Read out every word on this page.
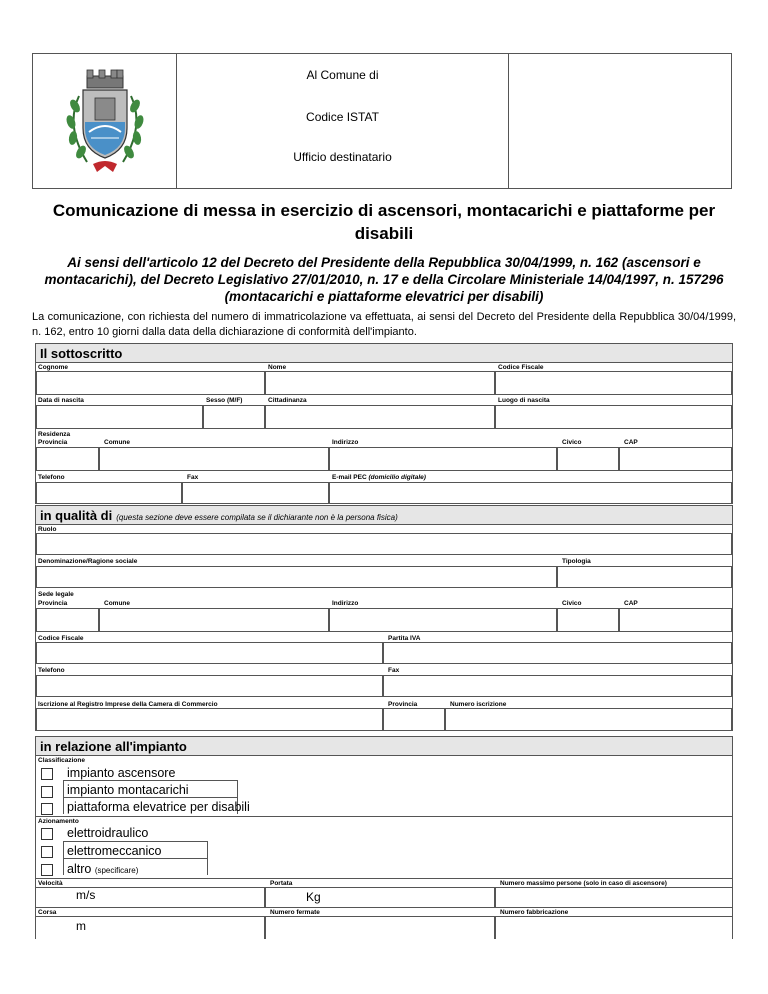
Al Comune di
Codice ISTAT
Ufficio destinatario
Comunicazione di messa in esercizio di ascensori, montacarichi e piattaforme per disabili
Ai sensi dell'articolo 12 del Decreto del Presidente della Repubblica 30/04/1999, n. 162 (ascensori e montacarichi), del Decreto Legislativo 27/01/2010, n. 17 e della Circolare Ministeriale 14/04/1997, n. 157296 (montacarichi e piattaforme elevatrici per disabili)
La comunicazione, con richiesta del numero di immatricolazione va effettuata, ai sensi del Decreto del Presidente della Repubblica 30/04/1999, n. 162, entro 10 giorni dalla data della dichiarazione di conformità dell'impianto.
Il sottoscritto
Cognome	Nome	Codice Fiscale
Data di nascita	Sesso (M/F)	Cittadinanza	Luogo di nascita
Residenza
Provincia	Comune	Indirizzo	Civico	CAP
Telefono	Fax	E-mail PEC (domicilio digitale)
in qualità di (questa sezione deve essere compilata se il dichiarante non è la persona fisica)
Ruolo
Denominazione/Ragione sociale	Tipologia
Sede legale
Provincia	Comune	Indirizzo	Civico	CAP
Codice Fiscale	Partita IVA
Telefono	Fax
Iscrizione al Registro Imprese della Camera di Commercio	Provincia	Numero iscrizione
in relazione all'impianto
Classificazione
impianto ascensore
impianto montacarichi
piattaforma elevatrice per disabili
Azionamento
elettroidraulico
elettromeccanico
altro (specificare)
Velocità	Portata	Numero massimo persone (solo in caso di ascensore)
m/s	Kg
Corsa	Numero fermate	Numero fabbricazione
m
